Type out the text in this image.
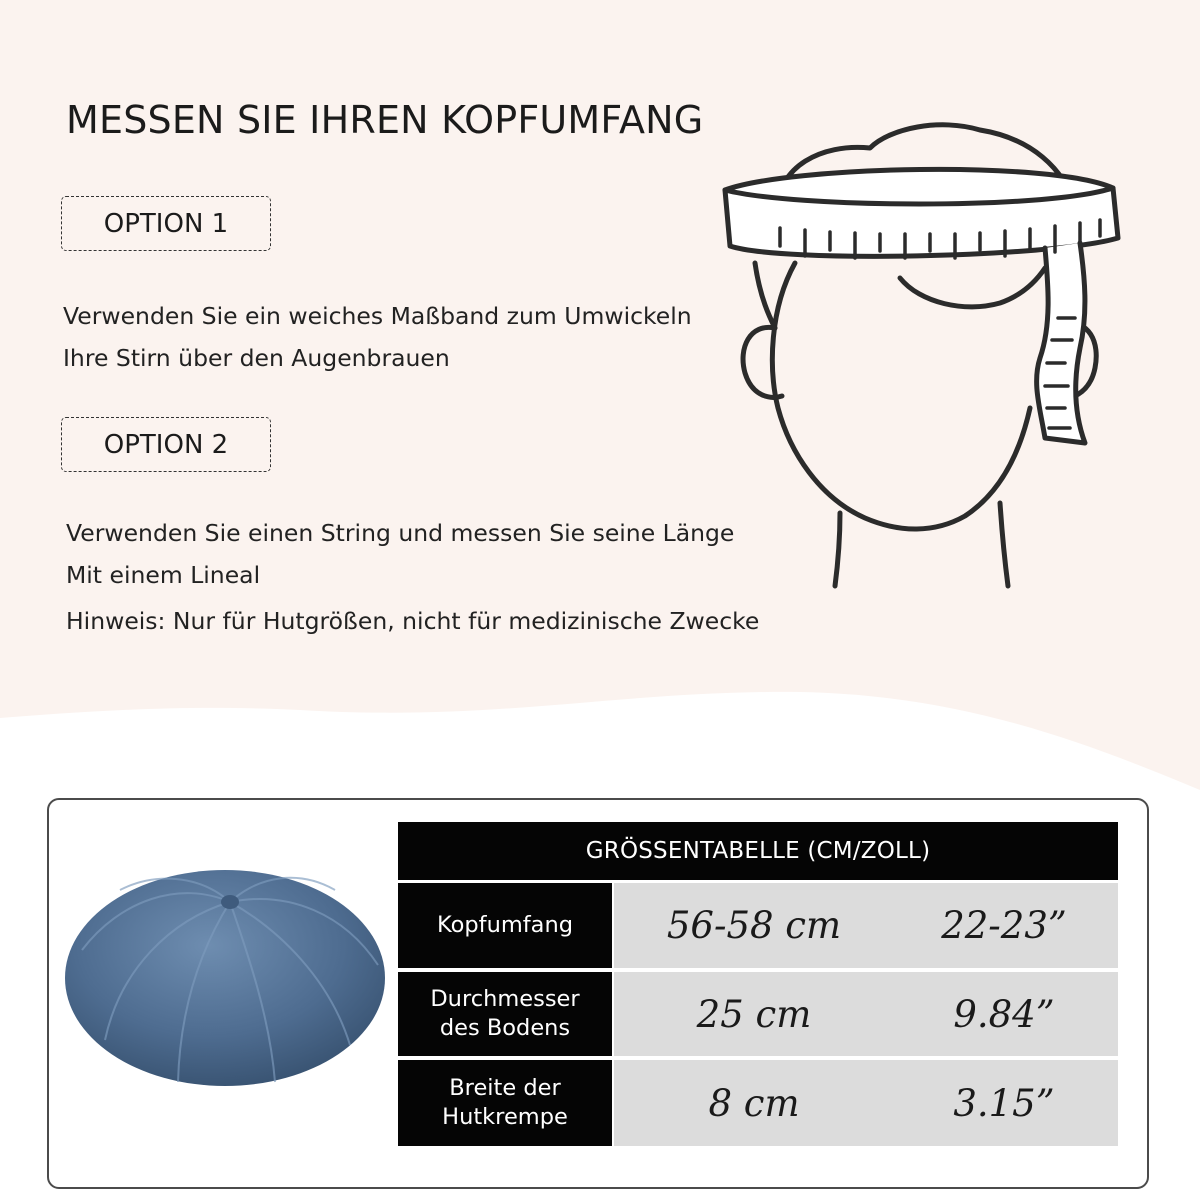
MESSEN SIE IHREN KOPFUMFANG
OPTION 1
Verwenden Sie ein weiches Maßband zum Umwickeln
Ihre Stirn über den Augenbrauen
OPTION 2
Verwenden Sie einen String und messen Sie seine Länge
Mit einem Lineal
Hinweis: Nur für Hutgrößen, nicht für medizinische Zwecke
GRÖSSENTABELLE (CM/ZOLL)
Kopfumfang	56-58 cm	22-23”
Durchmesser des Bodens	25 cm	9.84”
Breite der Hutkrempe	8 cm	3.15”
